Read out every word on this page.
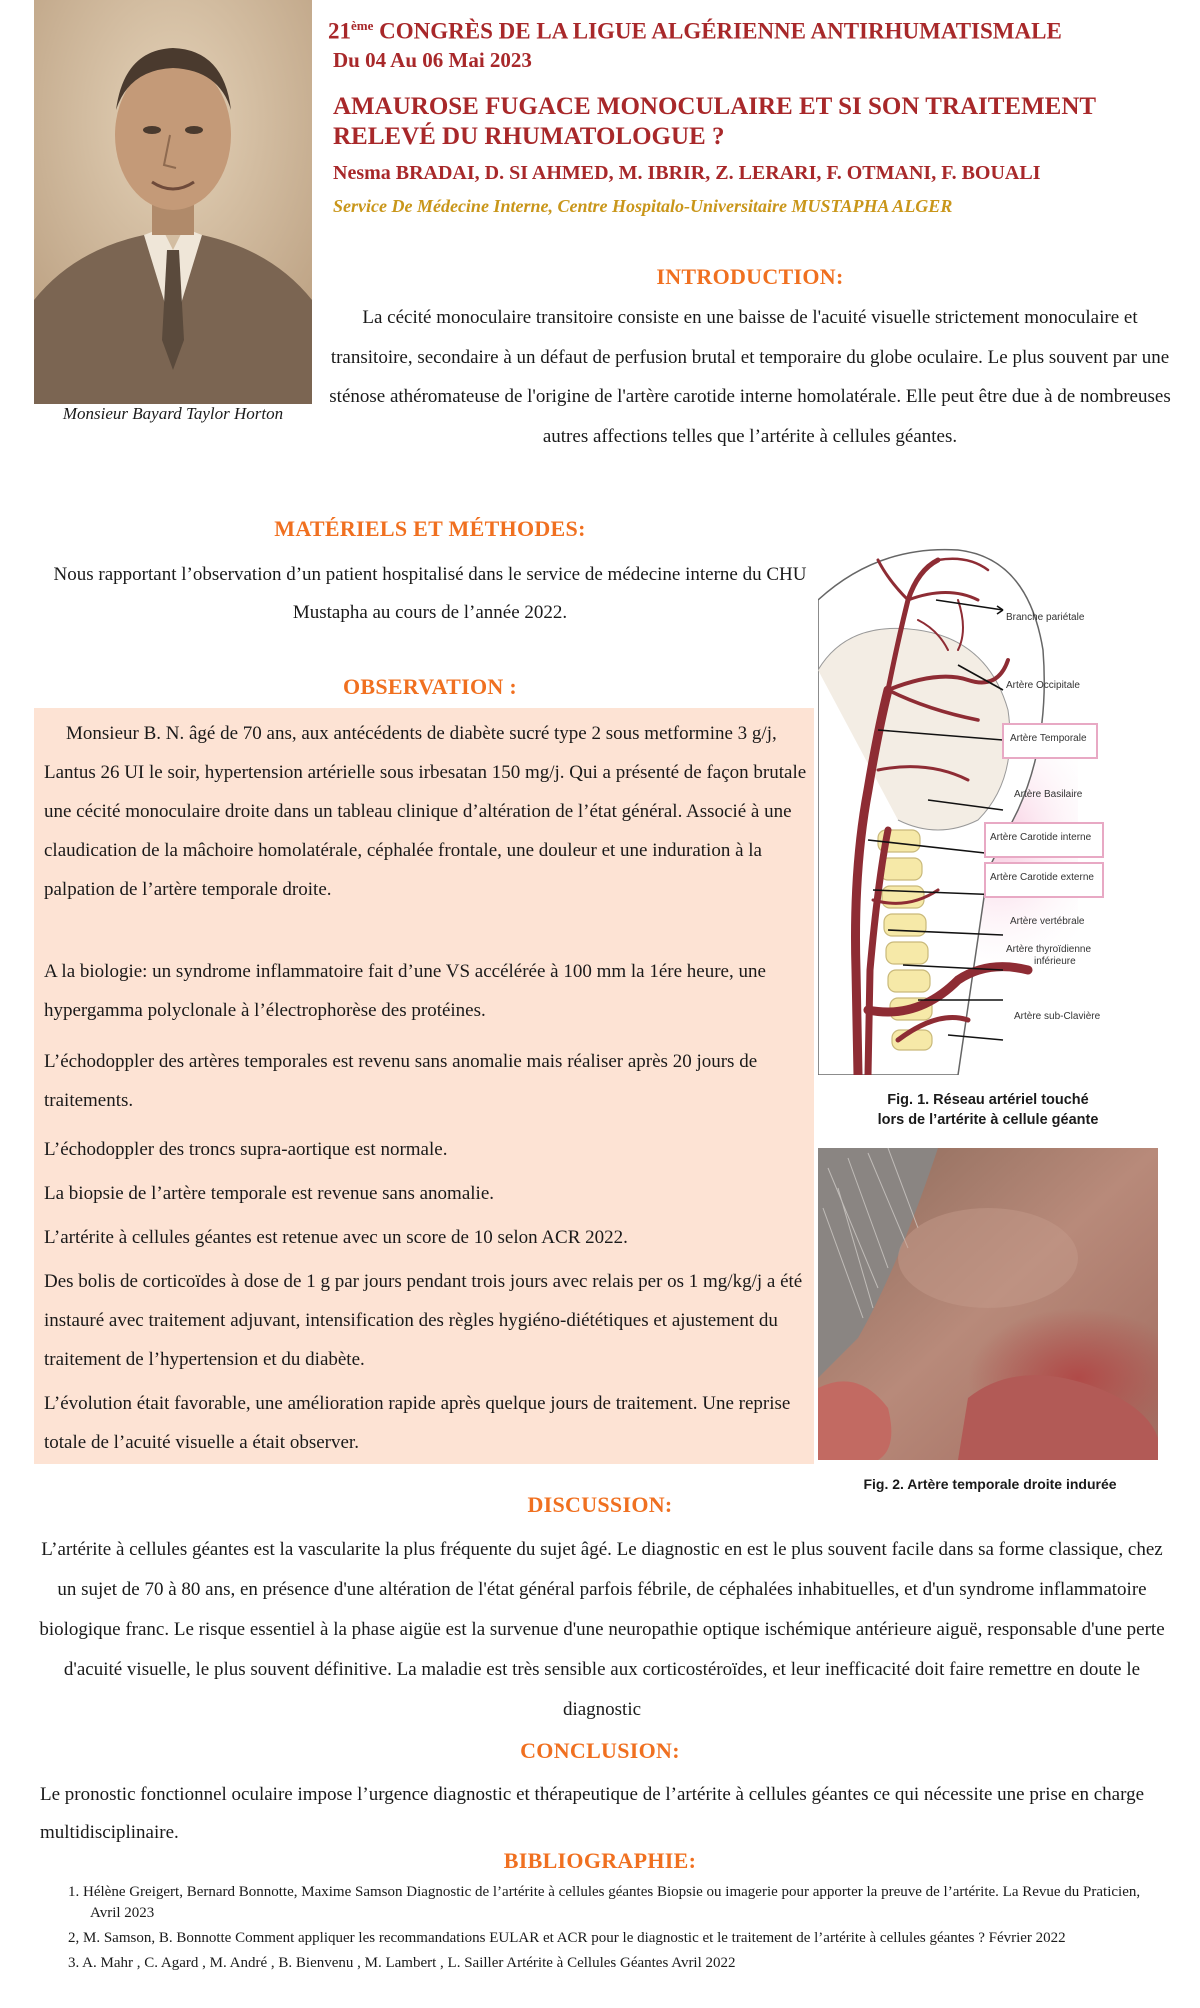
Monsieur Bayard Taylor Horton
21ème CONGRÈS DE LA LIGUE ALGÉRIENNE ANTIRHUMATISMALE
Du 04 Au 06 Mai 2023
AMAUROSE FUGACE MONOCULAIRE ET SI SON TRAITEMENT
RELEVÉ DU RHUMATOLOGUE ?
Nesma BRADAI, D. SI AHMED, M. IBRIR, Z. LERARI, F. OTMANI, F. BOUALI
Service De Médecine Interne, Centre Hospitalo-Universitaire MUSTAPHA ALGER
INTRODUCTION:
La cécité monoculaire transitoire consiste en une baisse de l'acuité visuelle strictement monoculaire et transitoire, secondaire à un défaut de perfusion brutal et temporaire du globe oculaire. Le plus souvent par une sténose athéromateuse de l'origine de l'artère carotide interne homolatérale. Elle peut être due à de nombreuses autres affections telles que l’artérite à cellules géantes.
MATÉRIELS ET MÉTHODES:
Nous rapportant l’observation d’un patient hospitalisé dans le service de médecine interne du CHU Mustapha au cours de l’année 2022.
OBSERVATION :
Monsieur B. N. âgé de 70 ans, aux antécédents de diabète sucré type 2 sous metformine 3 g/j, Lantus 26 UI le soir, hypertension artérielle sous irbesatan 150 mg/j. Qui a présenté de façon brutale une cécité monoculaire droite dans un tableau clinique d’altération de l’état général. Associé à une claudication de la mâchoire homolatérale, céphalée frontale, une douleur et une induration à la palpation de l’artère temporale droite.
A la biologie: un syndrome inflammatoire fait d’une VS accélérée à 100 mm la 1ére heure, une hypergamma polyclonale à l’électrophorèse des protéines.
L’échodoppler des artères temporales est revenu sans anomalie mais réaliser après 20 jours de traitements.
L’échodoppler des troncs supra-aortique est normale.
La biopsie de l’artère temporale est revenue sans anomalie.
L’artérite à cellules géantes est retenue avec un score de 10 selon ACR 2022.
Des bolis de corticoïdes à dose de 1 g par jours pendant trois jours avec relais per os 1 mg/kg/j a été instauré avec traitement adjuvant, intensification des règles hygiéno-diététiques et ajustement du traitement de l’hypertension et du diabète.
L’évolution était favorable, une amélioration rapide après quelque jours de traitement. Une reprise totale de l’acuité visuelle a était observer.
Branche pariétale
Artère Occipitale
Artère Temporale
Artère Basilaire
Artère Carotide interne
Artère Carotide externe
Artère vertébrale
Artère thyroïdienne
inférieure
Artère sub-Clavière
Fig. 1. Réseau artériel touché
lors de l’artérite à cellule géante
Fig. 2. Artère temporale droite indurée
DISCUSSION:
L’artérite à cellules géantes est la vascularite la plus fréquente du sujet âgé. Le diagnostic en est le plus souvent facile dans sa forme classique, chez un sujet de 70 à 80 ans, en présence d'une altération de l'état général parfois fébrile, de céphalées inhabituelles, et d'un syndrome inflammatoire biologique franc. Le risque essentiel à la phase aigüe est la survenue d'une neuropathie optique ischémique antérieure aiguë, responsable d'une perte d'acuité visuelle, le plus souvent définitive. La maladie est très sensible aux corticostéroïdes, et leur inefficacité doit faire remettre en doute le diagnostic
CONCLUSION:
Le pronostic fonctionnel oculaire impose l’urgence diagnostic et thérapeutique de l’artérite à cellules géantes ce qui nécessite une prise en charge multidisciplinaire.
BIBLIOGRAPHIE:
1. Hélène Greigert, Bernard Bonnotte, Maxime Samson Diagnostic de l’artérite à cellules géantes Biopsie ou imagerie pour apporter la preuve de l’artérite. La Revue du Praticien, Avril 2023
2, M. Samson, B. Bonnotte Comment appliquer les recommandations EULAR et ACR pour le diagnostic et le traitement de l’artérite à cellules géantes ? Février 2022
3. A. Mahr , C. Agard , M. André , B. Bienvenu , M. Lambert , L. Sailler Artérite à Cellules Géantes Avril 2022
